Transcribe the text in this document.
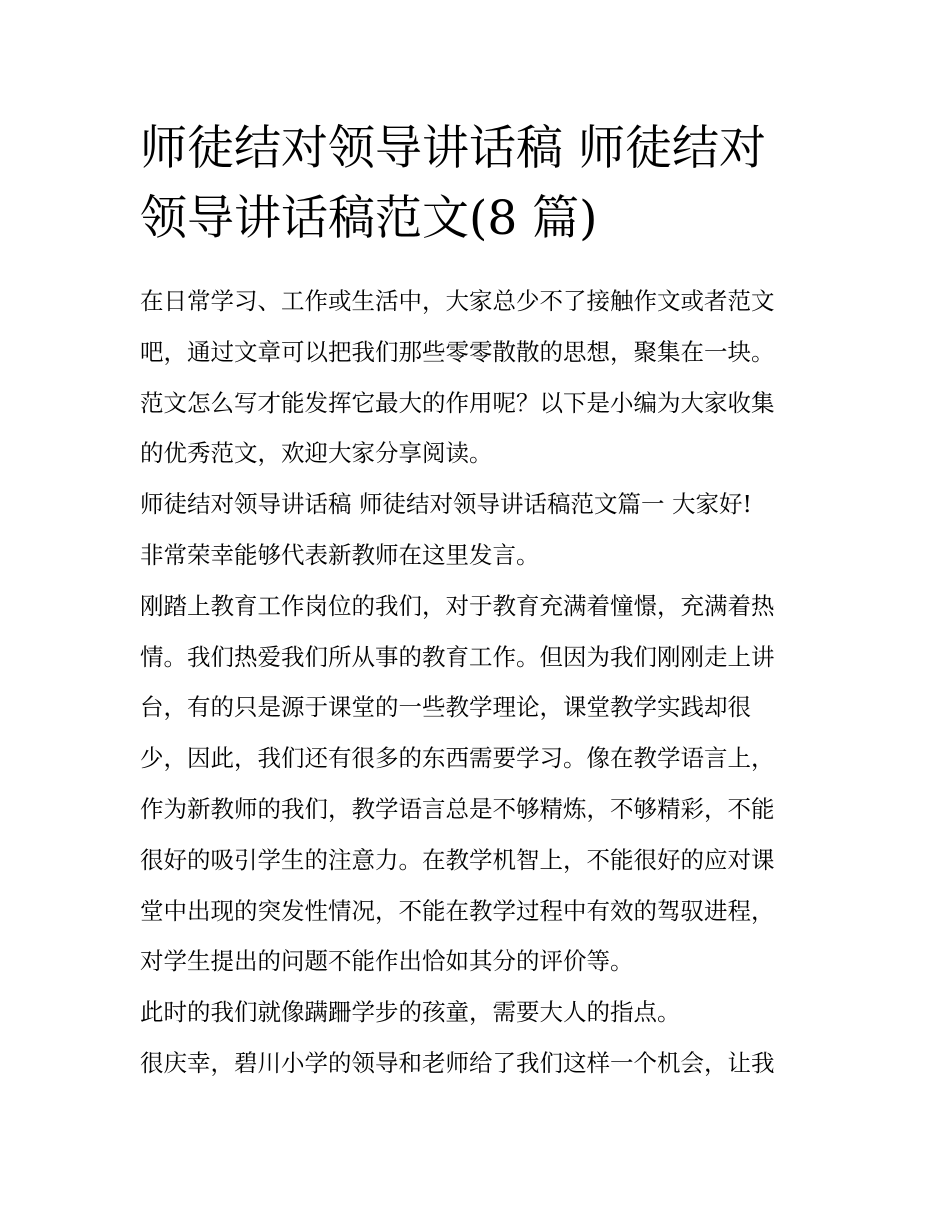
师徒结对领导讲话稿 师徒结对
领导讲话稿范文(8 篇)
在日常学习、工作或生活中，大家总少不了接触作文或者范文
吧，通过文章可以把我们那些零零散散的思想，聚集在一块。
范文怎么写才能发挥它最大的作用呢？以下是小编为大家收集
的优秀范文，欢迎大家分享阅读。
师徒结对领导讲话稿 师徒结对领导讲话稿范文篇一 大家好!
非常荣幸能够代表新教师在这里发言。
刚踏上教育工作岗位的我们，对于教育充满着憧憬，充满着热
情。我们热爱我们所从事的教育工作。但因为我们刚刚走上讲
台，有的只是源于课堂的一些教学理论，课堂教学实践却很
少，因此，我们还有很多的东西需要学习。像在教学语言上，
作为新教师的我们，教学语言总是不够精炼，不够精彩，不能
很好的吸引学生的注意力。在教学机智上，不能很好的应对课
堂中出现的突发性情况，不能在教学过程中有效的驾驭进程，
对学生提出的问题不能作出恰如其分的评价等。
此时的我们就像蹒跚学步的孩童，需要大人的指点。
很庆幸，碧川小学的领导和老师给了我们这样一个机会，让我
